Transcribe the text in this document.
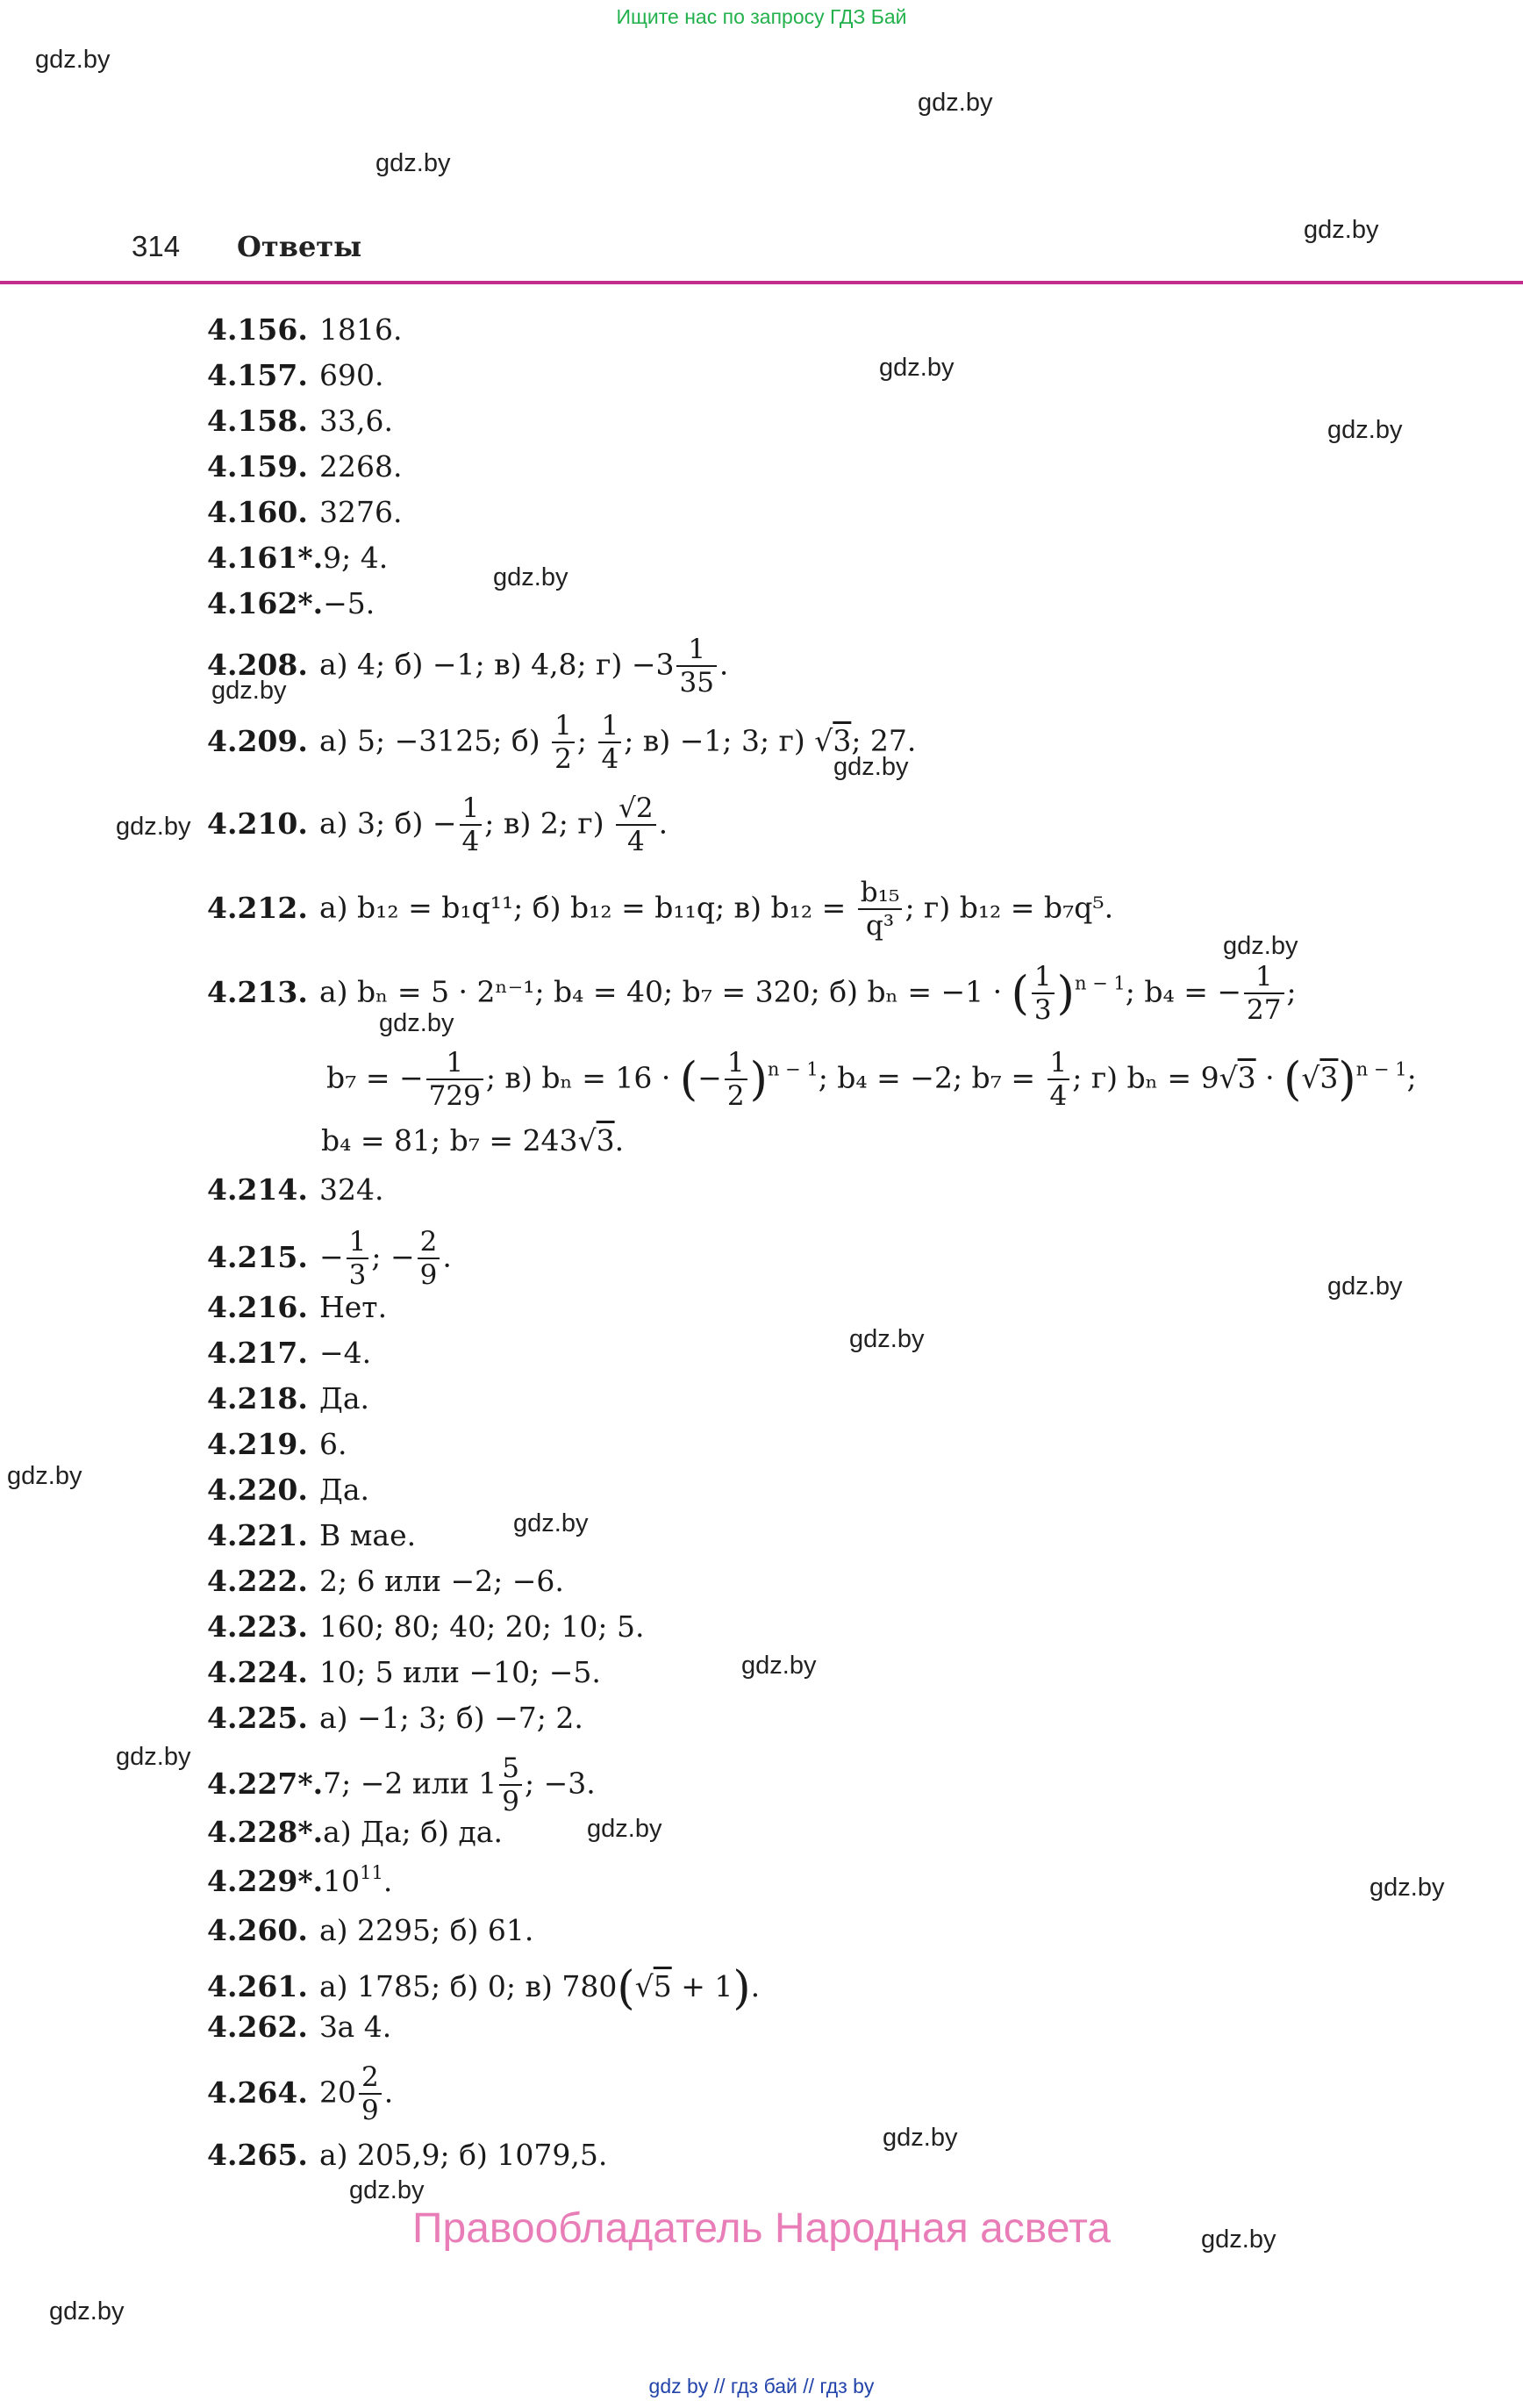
Ищите нас по запросу ГДЗ Бай
gdz.by
gdz.by
gdz.by
gdz.by
gdz.by
gdz.by
gdz.by
gdz.by
gdz.by
gdz.by
gdz.by
gdz.by
gdz.by
gdz.by
gdz.by
gdz.by
gdz.by
gdz.by
gdz.by
gdz.by
gdz.by
gdz.by
gdz.by
gdz.by
314 Ответы
4.156. 1816.
4.157. 690.
4.158. 33,6.
4.159. 2268.
4.160. 3276.
4.161*.9; 4.
4.162*.−5.
4.208. а) 4; б) −1; в) 4,8; $г) -3 \frac{1}{35}$ .
4.209. а) 5; −3125; $б) \frac{1}{2}$ ; $\frac{1}{4}$ ; в) −1; 3; г) √3; 27.
4.210. а) 3; $б) - \frac{1}{4}$ ; в) 2; $г) \frac{√2}{4}$ .
4.212. а) b₁₂ = b₁q¹¹; б) b₁₂ = b₁₁q; в) $b_{12} = \frac{\text{b₁₅}}{\text{q³}}$ ; г) b₁₂ = b₇q⁵.
4.213. а) bₙ = 5 · 2ⁿ⁻¹; b₄ = 40; b₇ = 320; б) bₙ = −1 · ( $\frac{1}{3} )^{n - 1}$; b₄ = − $\frac{1}{27}$ ;
b₇ = − $\frac{1}{729}$ ; в) bₙ = 16 · (− $\frac{1}{2} )^{n - 1}$; b₄ = −2; $b_7 = \frac{1}{4}$ ; г) $b_n = 9√3 \cdot (√3)^{n - 1}$;
b₄ = 81; b₇ = 243√3.
4.214. 324.
4.215. − $\frac{1}{3}$ ; − $\frac{2}{9}$ .
4.216. Нет.
4.217. −4.
4.218. Да.
4.219. 6.
4.220. Да.
4.221. В мае.
4.222. 2; 6 или −2; −6.
4.223. 160; 80; 40; 20; 10; 5.
4.224. 10; 5 или −10; −5.
4.225. а) −1; 3; б) −7; 2.
4.227*.7; −2 или $1 \frac{5}{9}$ ; −3.
4.228*.а) Да; б) да.
$4.229*.10^{11}$.
4.260. а) 2295; б) 61.
4.261. а) 1785; б) 0; в) 780(√5 + 1).
4.262. За 4.
4.264. $20 \frac{2}{9}$ .
4.265. а) 205,9; б) 1079,5.
Правообладатель Народная асвета
gdz by // гдз бай // гдз by
